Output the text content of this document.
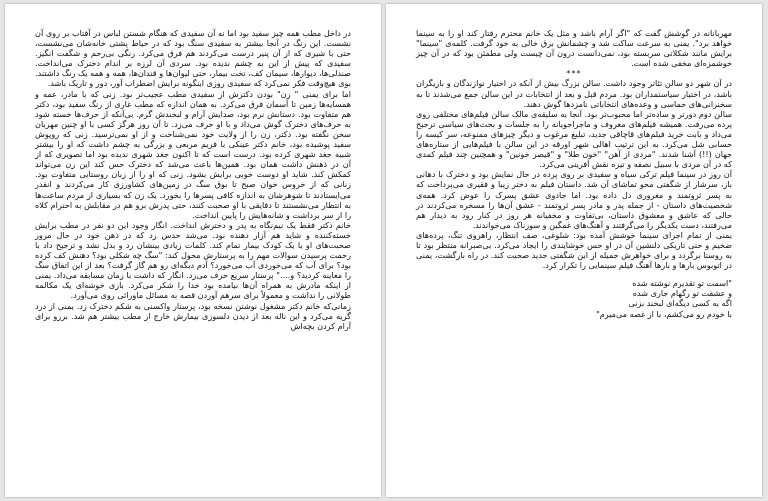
در داخل مطب همه چیز سفید بود اما نه آن سفیدی که هنگام شستن لباس در آفتاب بر روی آن نشست. این رنگ در آنجا بیشتر به سفیدی سنگ بود که در حیاط پشتی خانه‌شان می‌نشست، حتی با شیری که از آن پنیر درست می‌کردند هم فرق می‌کرد. رنگی بی‌رحم و شگفت انگیز. سفیدی که پیش از این به چشم ندیده بود. سردی آن لرزه بر اندام دخترک می‌انداخت. صندلی‌ها، دیوارها، سیمان کف، تخت بیمار، حتی لیوان‌ها و قندان‌ها، همه و همه یک رنگ داشتند. بوی هیچ‌وقت فکر نمی‌کرد که سفیدی روزی اینگونه برایش اضطراب آور، دور و تاریک باشد.

اما برای یمنی " زن" بودن دکترش از سفیدی مطب عجیب‌تر بود. زنی که با مادر، عمه و همسایه‌ها زمین تا آسمان فرق می‌کرد. به همان اندازه که مطب غاری از رنگ سفید بود، دکتر هم متفاوت بود. دستانش نرم بود، صدایش آرام و لبخندش گرم. بی‌آنکه از حرف‌ها خسته شود به حرف‌های دخترک گوش می‌داد و با او حرف می‌زد. تا آن روز هرگز کسی با او چنین مهربان سخن نگفته بود. دکتر، زن را از ولایت خود نمی‌شناخت و از او نمی‌ترسید. زنی که روپوش سفید پوشیده بود، خانم دکتر عینکی با فریم مربعی و بزرگی به چشم داشت که او را بیشتر شبیه جغد شهری کرده بود. درست است که تا اکنون جغد شهری ندیده بود اما تصویری که از آن در ذهنش داشت همان بود. همین‌ها باعث می‌شد که دخترک حس کند این زن می‌تواند کمکش کند. شاید او دوست خوبی برایش بشود. زنی که او را از زبان روستایی متفاوت بود. زنانی که از خروس خوان صبح تا بوق سگ در زمین‌های کشاورزی کار می‌کردند و انقدر می‌ایستادند تا شوهرشان به اندازه کافی پسرها را بخورد. یک زن که بسیاری از مردم ساعت‌ها به انتظار می‌نشستند تا دقایقی با او صحبت کنند، حتی پدرش برو هم در مقابلش به احترام کلاه را از سر برداشت و شانه‌هایش را پایین انداخت.

خانم دکتر فقط یک نیم‌نگاه به پدر و دخترش انداخت. انگار وجود این دو نفر در مطب برایش خسته‌کننده و شاید هم آزار دهنده بود. می‌شد حدس زد که در ذهن خود در حال مرور صحبت‌های او با یک کودک بیمار تمام کند. کلمات زیادی بینشان رد و بدل نشد و ترجیح داد با رحمت پرسیدن سوالات مهم را به پرستارش محول کند: "سگ چه شکلی بود؟ دهنش کف کرده بود؟ برای آب که می‌خوردی آب می‌خورد؟ آدم دیگه‌ای رو هم گاز گرفت؟ بعد از این اتفاق سگ را معاینه کردید؟ و...." پرستار سریع حرف می‌زد. انگار که داشت با زمان مسابقه می‌داد. یمنی از اینکه مادرش به همراه آن‌ها نیامده بود خدا را شکر می‌کرد. بازی خوشه‌ای یک مکالمه طولانی را نداشت و معمولاً برای سرهم آوردن قصه به مسائل ماورائی روی می‌آورد.

زمانی‌که خانم دکتر مشغول نوشتن نسخه بود، پرستار واکسنی به شکم دخترک زد. یمنی از درد گریه می‌کرد و این ناله بعد از دیدن دلسوزی بیمارش خارج از مطب بیشتر هم شد. برزو برای آرام کردن بچه‌اش

مهربانانه در گوشش گفت که "اگر آرام باشد و مثل یک خانم محترم رفتار کند او را به سینما خواهد برد". یمنی به سرعت ساکت شد و چشمانش برق خالی به خود گرفت. کلمه‌ی "سینما" برایش مانند شکلاتی سربسته بود، نمی‌دانست درون آن چیست ولی مطمئن بود که در آن چیز خوشمزه‌ای مخفی شده است.

***

در آن شهر دو سالن تئاتر وجود داشت. سالن بزرگ بیش از آنکه در اختیار نوازندگان و بازیگران باشد، در اختیار سیاستمداران بود. مردم قبل و بعد از انتخابات در این سالن جمع می‌شدند تا به سخنرانی‌های حماسی و وعده‌های انتخاباتی نامزدها گوش دهند.

سالن دوم دورتر و ساده‌تر اما محبوب‌تر بود. آنجا به سلیقه‌ی مالک سالن فیلم‌های مختلفی روی پرده می‌رفت. همیشه فیلم‌های معروف و ماجراجویانه را به جلسات و بحث‌های سیاسی ترجیح می‌داد و بابت خرید فیلم‌های قاچاقی جدید، تبلیغ مرغوب و دیگر چیزهای ممنوعه، سر کیسه را حسابی شل می‌کرد. به این ترتیب اهالی شهر اورقه در این سالن با فیلم‌هایی از ستاره‌های جهان (!!) آشنا شدند. "مردی از آهن" "خون طلا" و "قیصر خونین" و همچنین چند فیلم کمدی که در آن مردی با سبیل نصفه و تیره نقش آفرینی می‌کرد.

آن روز در سینما فیلم ترکی سیاه و سفیدی بر روی پرده در حال نمایش بود و دخترک با دهانی باز، سرشار از شگفتی محو تماشای آن شد. داستان فیلم به دختر زیبا و فقیری می‌پرداخت که به پسر ثروتمند و مغروری دل داده بود. اما جادوی عشق پسرک را عوض کرد. همه‌ی شخصیت‌های داستان - از جمله پدر و مادر پسر ثروتمند - عشق آن‌ها را مسخره می‌کردند در حالی که عاشق و معشوق داستان، بی‌تفاوت و مخفیانه هر روز در کنار رود به دیدار هم می‌رفتند، دست یکدیگر را می‌گرفتند و آهنگ‌های غمگین و سوزناک می‌خواندند.

یمنی از تمام اجرای سینما خوشش آمده بود: شلوغی، صف انتظار، راهروی تنگ، پرده‌های ضخیم و حتی تاریکی دلنشین آن در او حس خوشایندی را ایجاد می‌کرد. بی‌صبرانه منتظر بود تا به روستا برگردد و برای خواهرش جمیله از این شگفتی جدید صحبت کند. در راه بازگشت، یمنی در اتوبوس بارها و بارها آهنگ فیلم سینمایی را تکرار کرد.

"اسمت تو تقدیرم نوشته شده
و عشقت تو رگهام جاری شده
اگه به کسی دیگه‌ای لبخند بزنی
با خودم رو می‌کشم، با از غصه می‌میرم"
